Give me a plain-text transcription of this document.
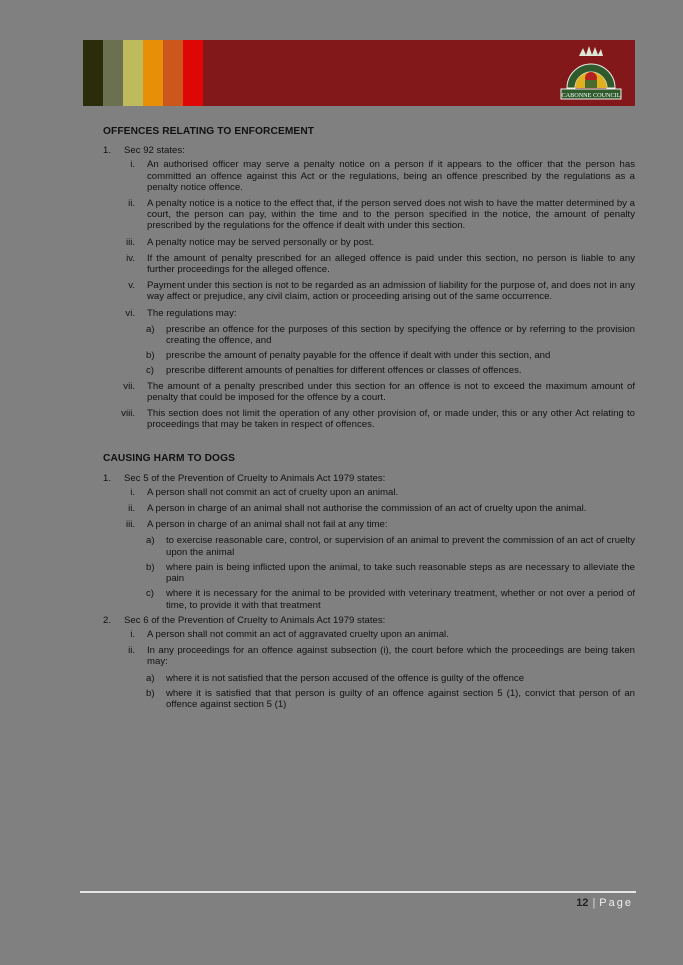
CABONNE COUNCIL
OFFENCES RELATING TO ENFORCEMENT
1. Sec 92 states:
i. An authorised officer may serve a penalty notice on a person if it appears to the officer that the person has committed an offence against this Act or the regulations, being an offence prescribed by the regulations as a penalty notice offence.
ii. A penalty notice is a notice to the effect that, if the person served does not wish to have the matter determined by a court, the person can pay, within the time and to the person specified in the notice, the amount of penalty prescribed by the regulations for the offence if dealt with under this section.
iii. A penalty notice may be served personally or by post.
iv. If the amount of penalty prescribed for an alleged offence is paid under this section, no person is liable to any further proceedings for the alleged offence.
v. Payment under this section is not to be regarded as an admission of liability for the purpose of, and does not in any way affect or prejudice, any civil claim, action or proceeding arising out of the same occurrence.
vi. The regulations may:
a) prescribe an offence for the purposes of this section by specifying the offence or by referring to the provision creating the offence, and
b) prescribe the amount of penalty payable for the offence if dealt with under this section, and
c) prescribe different amounts of penalties for different offences or classes of offences.
vii. The amount of a penalty prescribed under this section for an offence is not to exceed the maximum amount of penalty that could be imposed for the offence by a court.
viii. This section does not limit the operation of any other provision of, or made under, this or any other Act relating to proceedings that may be taken in respect of offences.
CAUSING HARM TO DOGS
1. Sec 5 of the Prevention of Cruelty to Animals Act 1979 states:
i. A person shall not commit an act of cruelty upon an animal.
ii. A person in charge of an animal shall not authorise the commission of an act of cruelty upon the animal.
iii. A person in charge of an animal shall not fail at any time:
a) to exercise reasonable care, control, or supervision of an animal to prevent the commission of an act of cruelty upon the animal
b) where pain is being inflicted upon the animal, to take such reasonable steps as are necessary to alleviate the pain
c) where it is necessary for the animal to be provided with veterinary treatment, whether or not over a period of time, to provide it with that treatment
2. Sec 6 of the Prevention of Cruelty to Animals Act 1979 states:
i. A person shall not commit an act of aggravated cruelty upon an animal.
ii. In any proceedings for an offence against subsection (i), the court before which the proceedings are being taken may:
a) where it is not satisfied that the person accused of the offence is guilty of the offence
b) where it is satisfied that that person is guilty of an offence against section 5 (1), convict that person of an offence against section 5 (1)
12 | Page
